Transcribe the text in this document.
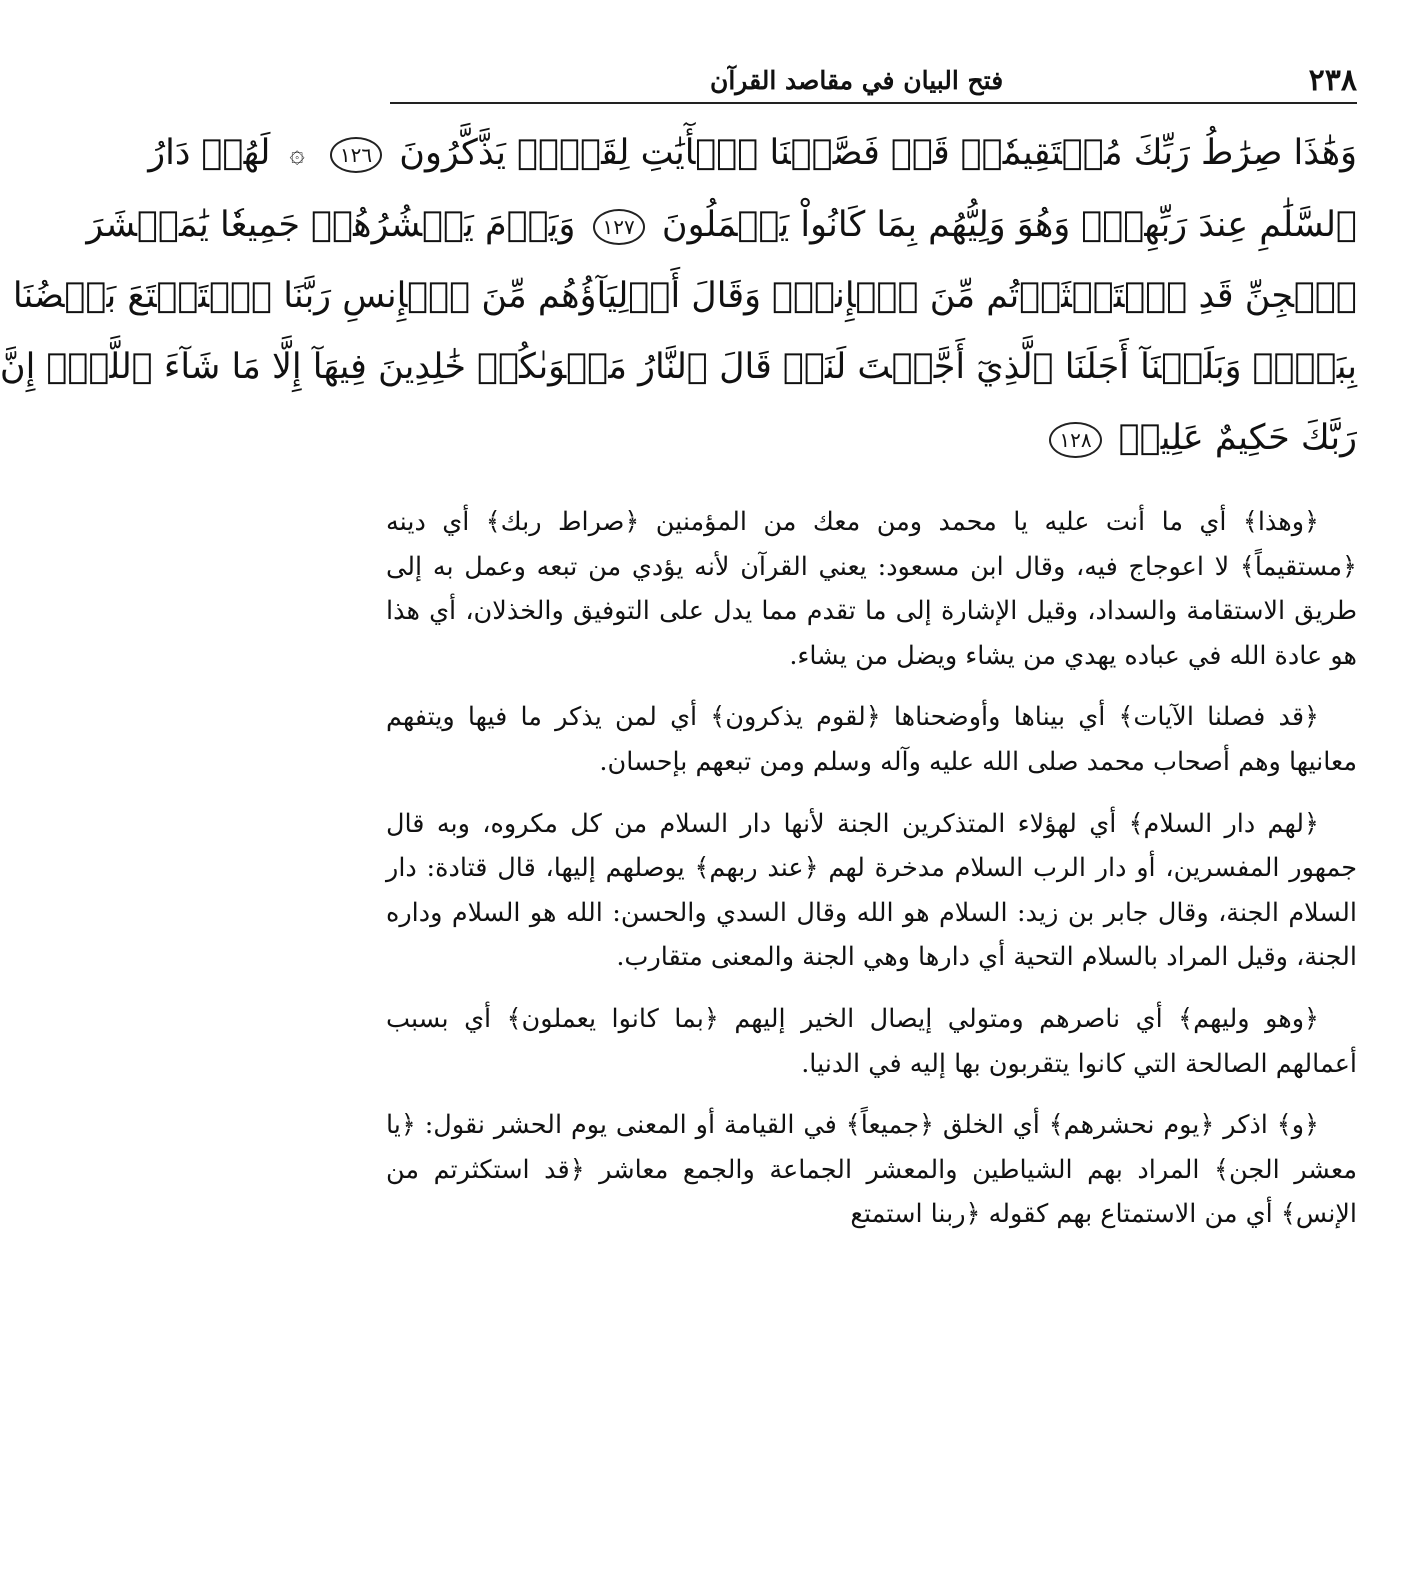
٢٣٨
فتح البيان في مقاصد القرآن
وَهَٰذَا صِرَٰطُ رَبِّكَ مُسۡتَقِيمٗاۗ قَدۡ فَصَّلۡنَا ٱلۡأٓيَٰتِ لِقَوۡمٖ يَذَّكَّرُونَ ١٢٦ ۞ لَهُمۡ دَارُ
ٱلسَّلَٰمِ عِندَ رَبِّهِمۡۖ وَهُوَ وَلِيُّهُم بِمَا كَانُواْ يَعۡمَلُونَ ١٢٧ وَيَوۡمَ يَحۡشُرُهُمۡ جَمِيعٗا يَٰمَعۡشَرَ
ٱلۡجِنِّ قَدِ ٱسۡتَكۡثَرۡتُم مِّنَ ٱلۡإِنسِۖ وَقَالَ أَوۡلِيَآؤُهُم مِّنَ ٱلۡإِنسِ رَبَّنَا ٱسۡتَمۡتَعَ بَعۡضُنَا
بِبَعۡضٖ وَبَلَغۡنَآ أَجَلَنَا ٱلَّذِيٓ أَجَّلۡتَ لَنَاۚ قَالَ ٱلنَّارُ مَثۡوَىٰكُمۡ خَٰلِدِينَ فِيهَآ إِلَّا مَا شَآءَ ٱللَّهُۗ إِنَّ
رَبَّكَ حَكِيمٌ عَلِيمٞ ١٢٨

﴿وهذا﴾ أي ما أنت عليه يا محمد ومن معك من المؤمنين ﴿صراط ربك﴾ أي دينه ﴿مستقيماً﴾ لا اعوجاج فيه، وقال ابن مسعود: يعني القرآن لأنه يؤدي من تبعه وعمل به إلى طريق الاستقامة والسداد، وقيل الإشارة إلى ما تقدم مما يدل على التوفيق والخذلان، أي هذا هو عادة الله في عباده يهدي من يشاء ويضل من يشاء.

﴿قد فصلنا الآيات﴾ أي بيناها وأوضحناها ﴿لقوم يذكرون﴾ أي لمن يذكر ما فيها ويتفهم معانيها وهم أصحاب محمد صلى الله عليه وآله وسلم ومن تبعهم بإحسان.

﴿لهم دار السلام﴾ أي لهؤلاء المتذكرين الجنة لأنها دار السلام من كل مكروه، وبه قال جمهور المفسرين، أو دار الرب السلام مدخرة لهم ﴿عند ربهم﴾ يوصلهم إليها، قال قتادة: دار السلام الجنة، وقال جابر بن زيد: السلام هو الله وقال السدي والحسن: الله هو السلام وداره الجنة، وقيل المراد بالسلام التحية أي دارها وهي الجنة والمعنى متقارب.

﴿وهو وليهم﴾ أي ناصرهم ومتولي إيصال الخير إليهم ﴿بما كانوا يعملون﴾ أي بسبب أعمالهم الصالحة التي كانوا يتقربون بها إليه في الدنيا.

﴿و﴾ اذكر ﴿يوم نحشرهم﴾ أي الخلق ﴿جميعاً﴾ في القيامة أو المعنى يوم الحشر نقول: ﴿يا معشر الجن﴾ المراد بهم الشياطين والمعشر الجماعة والجمع معاشر ﴿قد استكثرتم من الإنس﴾ أي من الاستمتاع بهم كقوله ﴿ربنا استمتع
